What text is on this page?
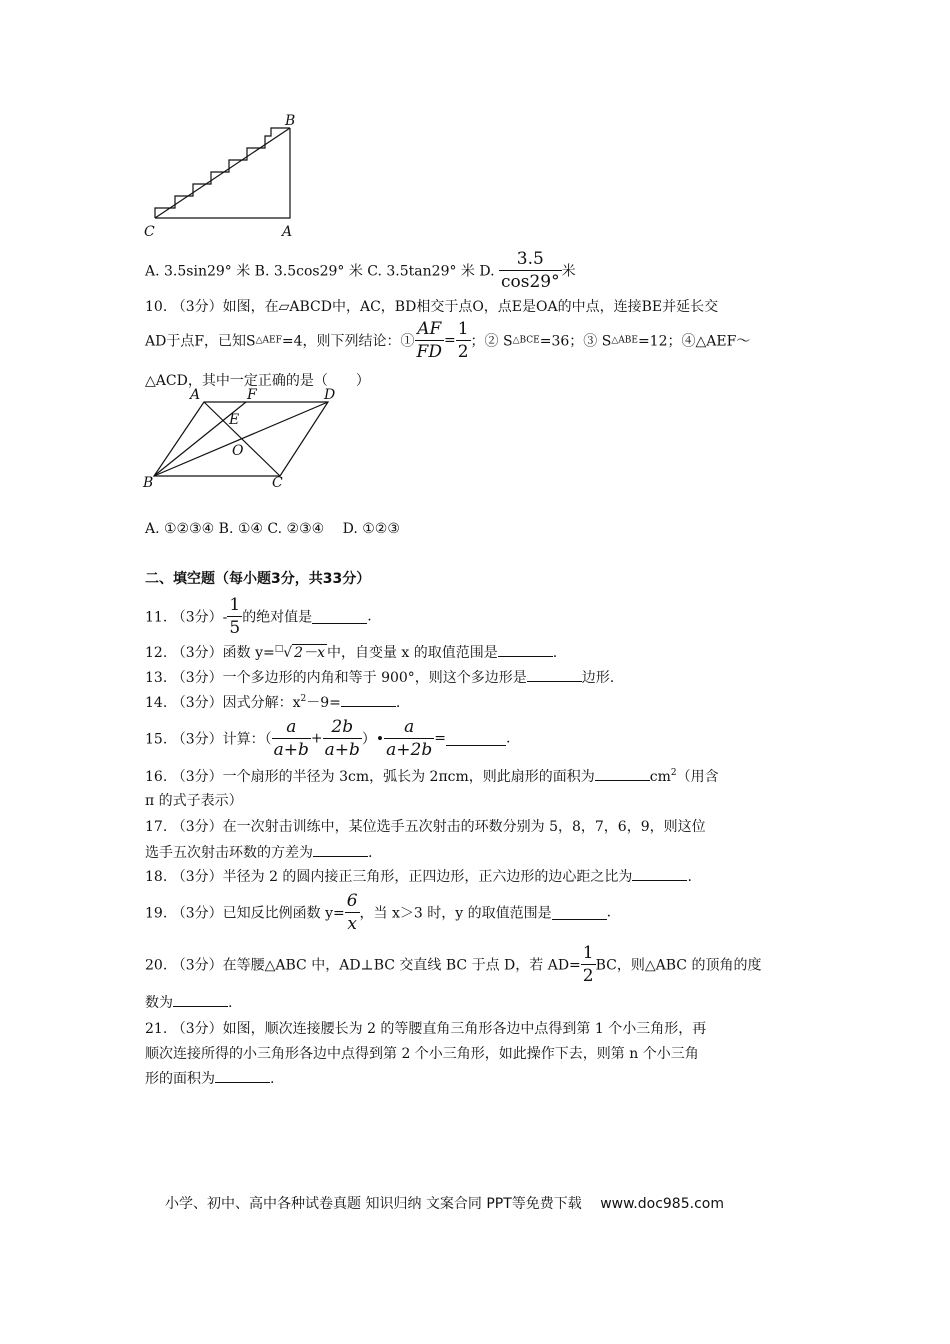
B
C	A
A. 3.5sin29° 米 B. 3.5cos29° 米 C. 3.5tan29° 米 D. $\frac{3.5}{\cos 29^\circ}$ 米
10. （3分）如图，在▱ABCD中，AC，BD相交于点O，点E是OA的中点，连接BE并延长交
AD于点F，已知S△AEF=4，则下列结论：① $\frac{AF}{FD} = \frac{1}{2}$ ；② S△BCE=36；③ S△ABE=12；④△AEF～
△ACD，其中一定正确的是（　　）
A	F	D
E
O
B	C
A. ①②③④ B. ①④ C. ②③④　 D. ①②③
二、填空题（每小题3分，共33分）
11. （3分）- $\frac{1}{5}$ 的绝对值是	.
12. （3分）函数 y=□√ 2－x 中，自变量 x 的取值范围是	.
13. （3分）一个多边形的内角和等于 900°，则这个多边形是	边形.
14. （3分）因式分解：$x^2-9=$	.
15. （3分）计算：（ $\frac{a}{a+b} + \frac{2b}{a+b}$ ）• $\frac{a}{a+2b}$ =	.
16. （3分）一个扇形的半径为 3cm，弧长为 2πcm，则此扇形的面积为	$cm^2$（用含
π 的式子表示）
17. （3分）在一次射击训练中，某位选手五次射击的环数分别为 5，8，7，6，9，则这位
选手五次射击环数的方差为	.
18. （3分）半径为 2 的圆内接正三角形，正四边形，正六边形的边心距之比为	.
19. （3分）已知反比例函数 $y= \frac{6}{x}$ ，当 x＞3 时，y 的取值范围是	.
20. （3分）在等腰△ABC 中，AD⊥BC 交直线 BC 于点 D，若 $AD= \frac{1}{2}$ BC，则△ABC 的顶角的度
数为	.
21. （3分）如图，顺次连接腰长为 2 的等腰直角三角形各边中点得到第 1 个小三角形，再
顺次连接所得的小三角形各边中点得到第 2 个小三角形，如此操作下去，则第 n 个小三角
形的面积为	.
小学、初中、高中各种试卷真题 知识归纳 文案合同 PPT等免费下载　 www.doc985.com
